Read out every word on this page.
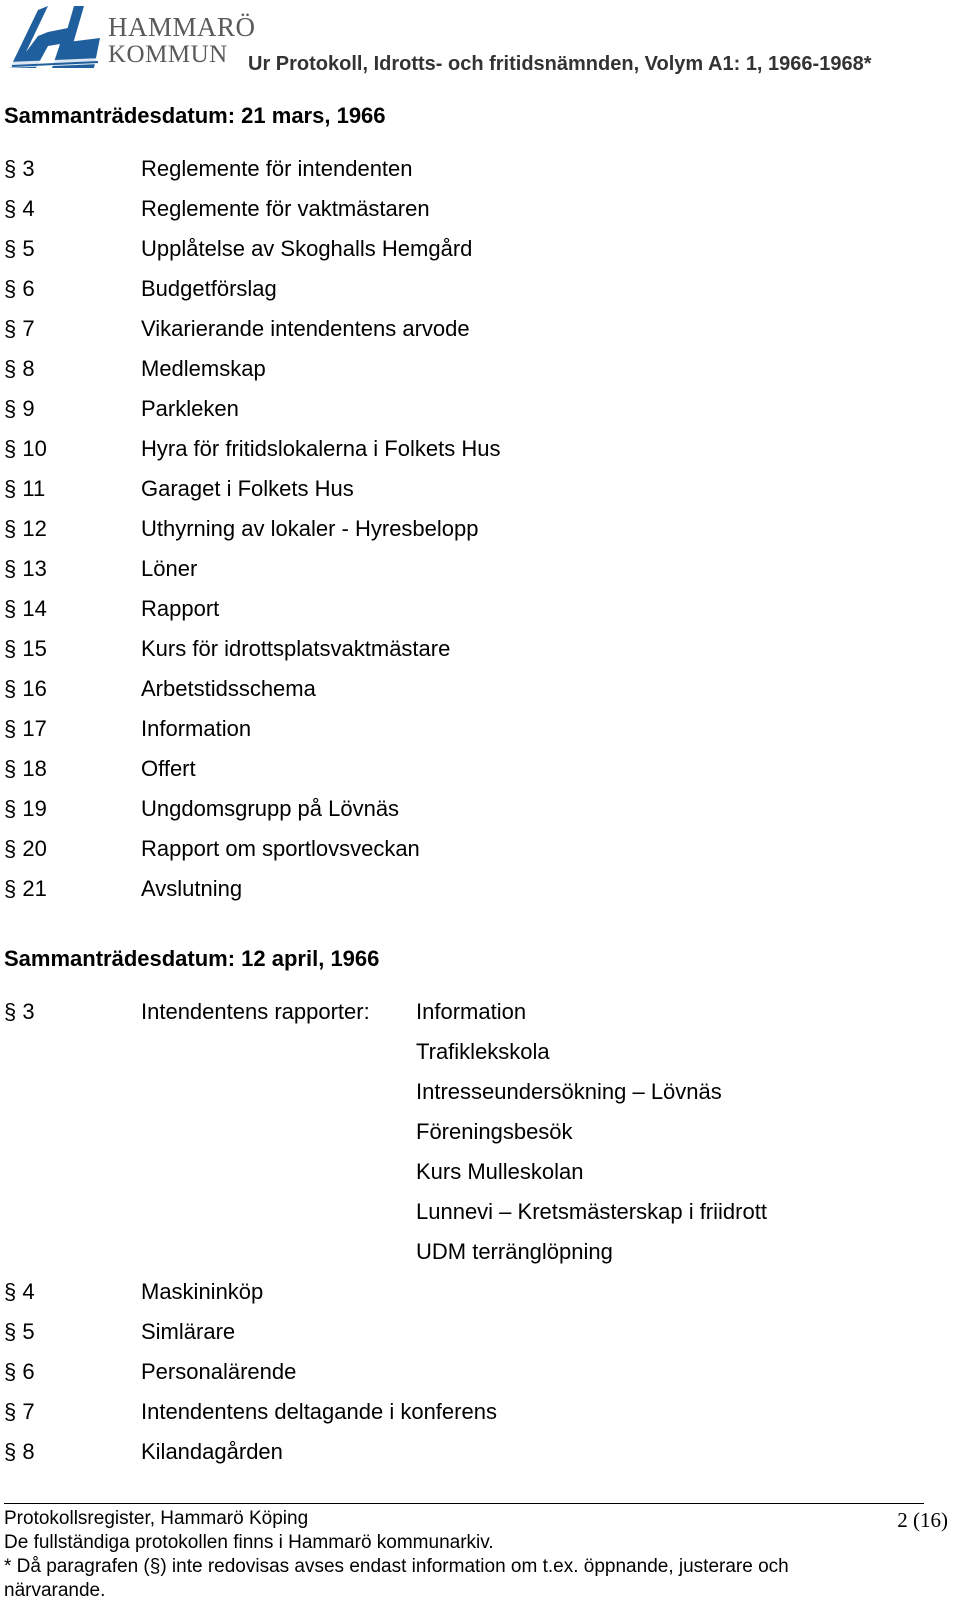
HAMMARÖ
KOMMUN Ur Protokoll, Idrotts- och fritidsnämnden, Volym A1: 1, 1966-1968*
Sammanträdesdatum: 21 mars, 1966
§ 3	Reglemente för intendenten
§ 4	Reglemente för vaktmästaren
§ 5	Upplåtelse av Skoghalls Hemgård
§ 6	Budgetförslag
§ 7	Vikarierande intendentens arvode
§ 8	Medlemskap
§ 9	Parkleken
§ 10	Hyra för fritidslokalerna i Folkets Hus
§ 11	Garaget i Folkets Hus
§ 12	Uthyrning av lokaler - Hyresbelopp
§ 13	Löner
§ 14	Rapport
§ 15	Kurs för idrottsplatsvaktmästare
§ 16	Arbetstidsschema
§ 17	Information
§ 18	Offert
§ 19	Ungdomsgrupp på Lövnäs
§ 20	Rapport om sportlovsveckan
§ 21	Avslutning
Sammanträdesdatum: 12 april, 1966
§ 3	Intendentens rapporter: Information
Trafiklekskola
Intresseundersökning – Lövnäs
Föreningsbesök
Kurs Mulleskolan
Lunnevi – Kretsmästerskap i friidrott
UDM terränglöpning
§ 4	Maskininköp
§ 5	Simlärare
§ 6	Personalärende
§ 7	Intendentens deltagande i konferens
§ 8	Kilandagården
Protokollsregister, Hammarö Köping	2 (16)
De fullständiga protokollen finns i Hammarö kommunarkiv.
* Då paragrafen (§) inte redovisas avses endast information om t.ex. öppnande, justerare och
närvarande.
